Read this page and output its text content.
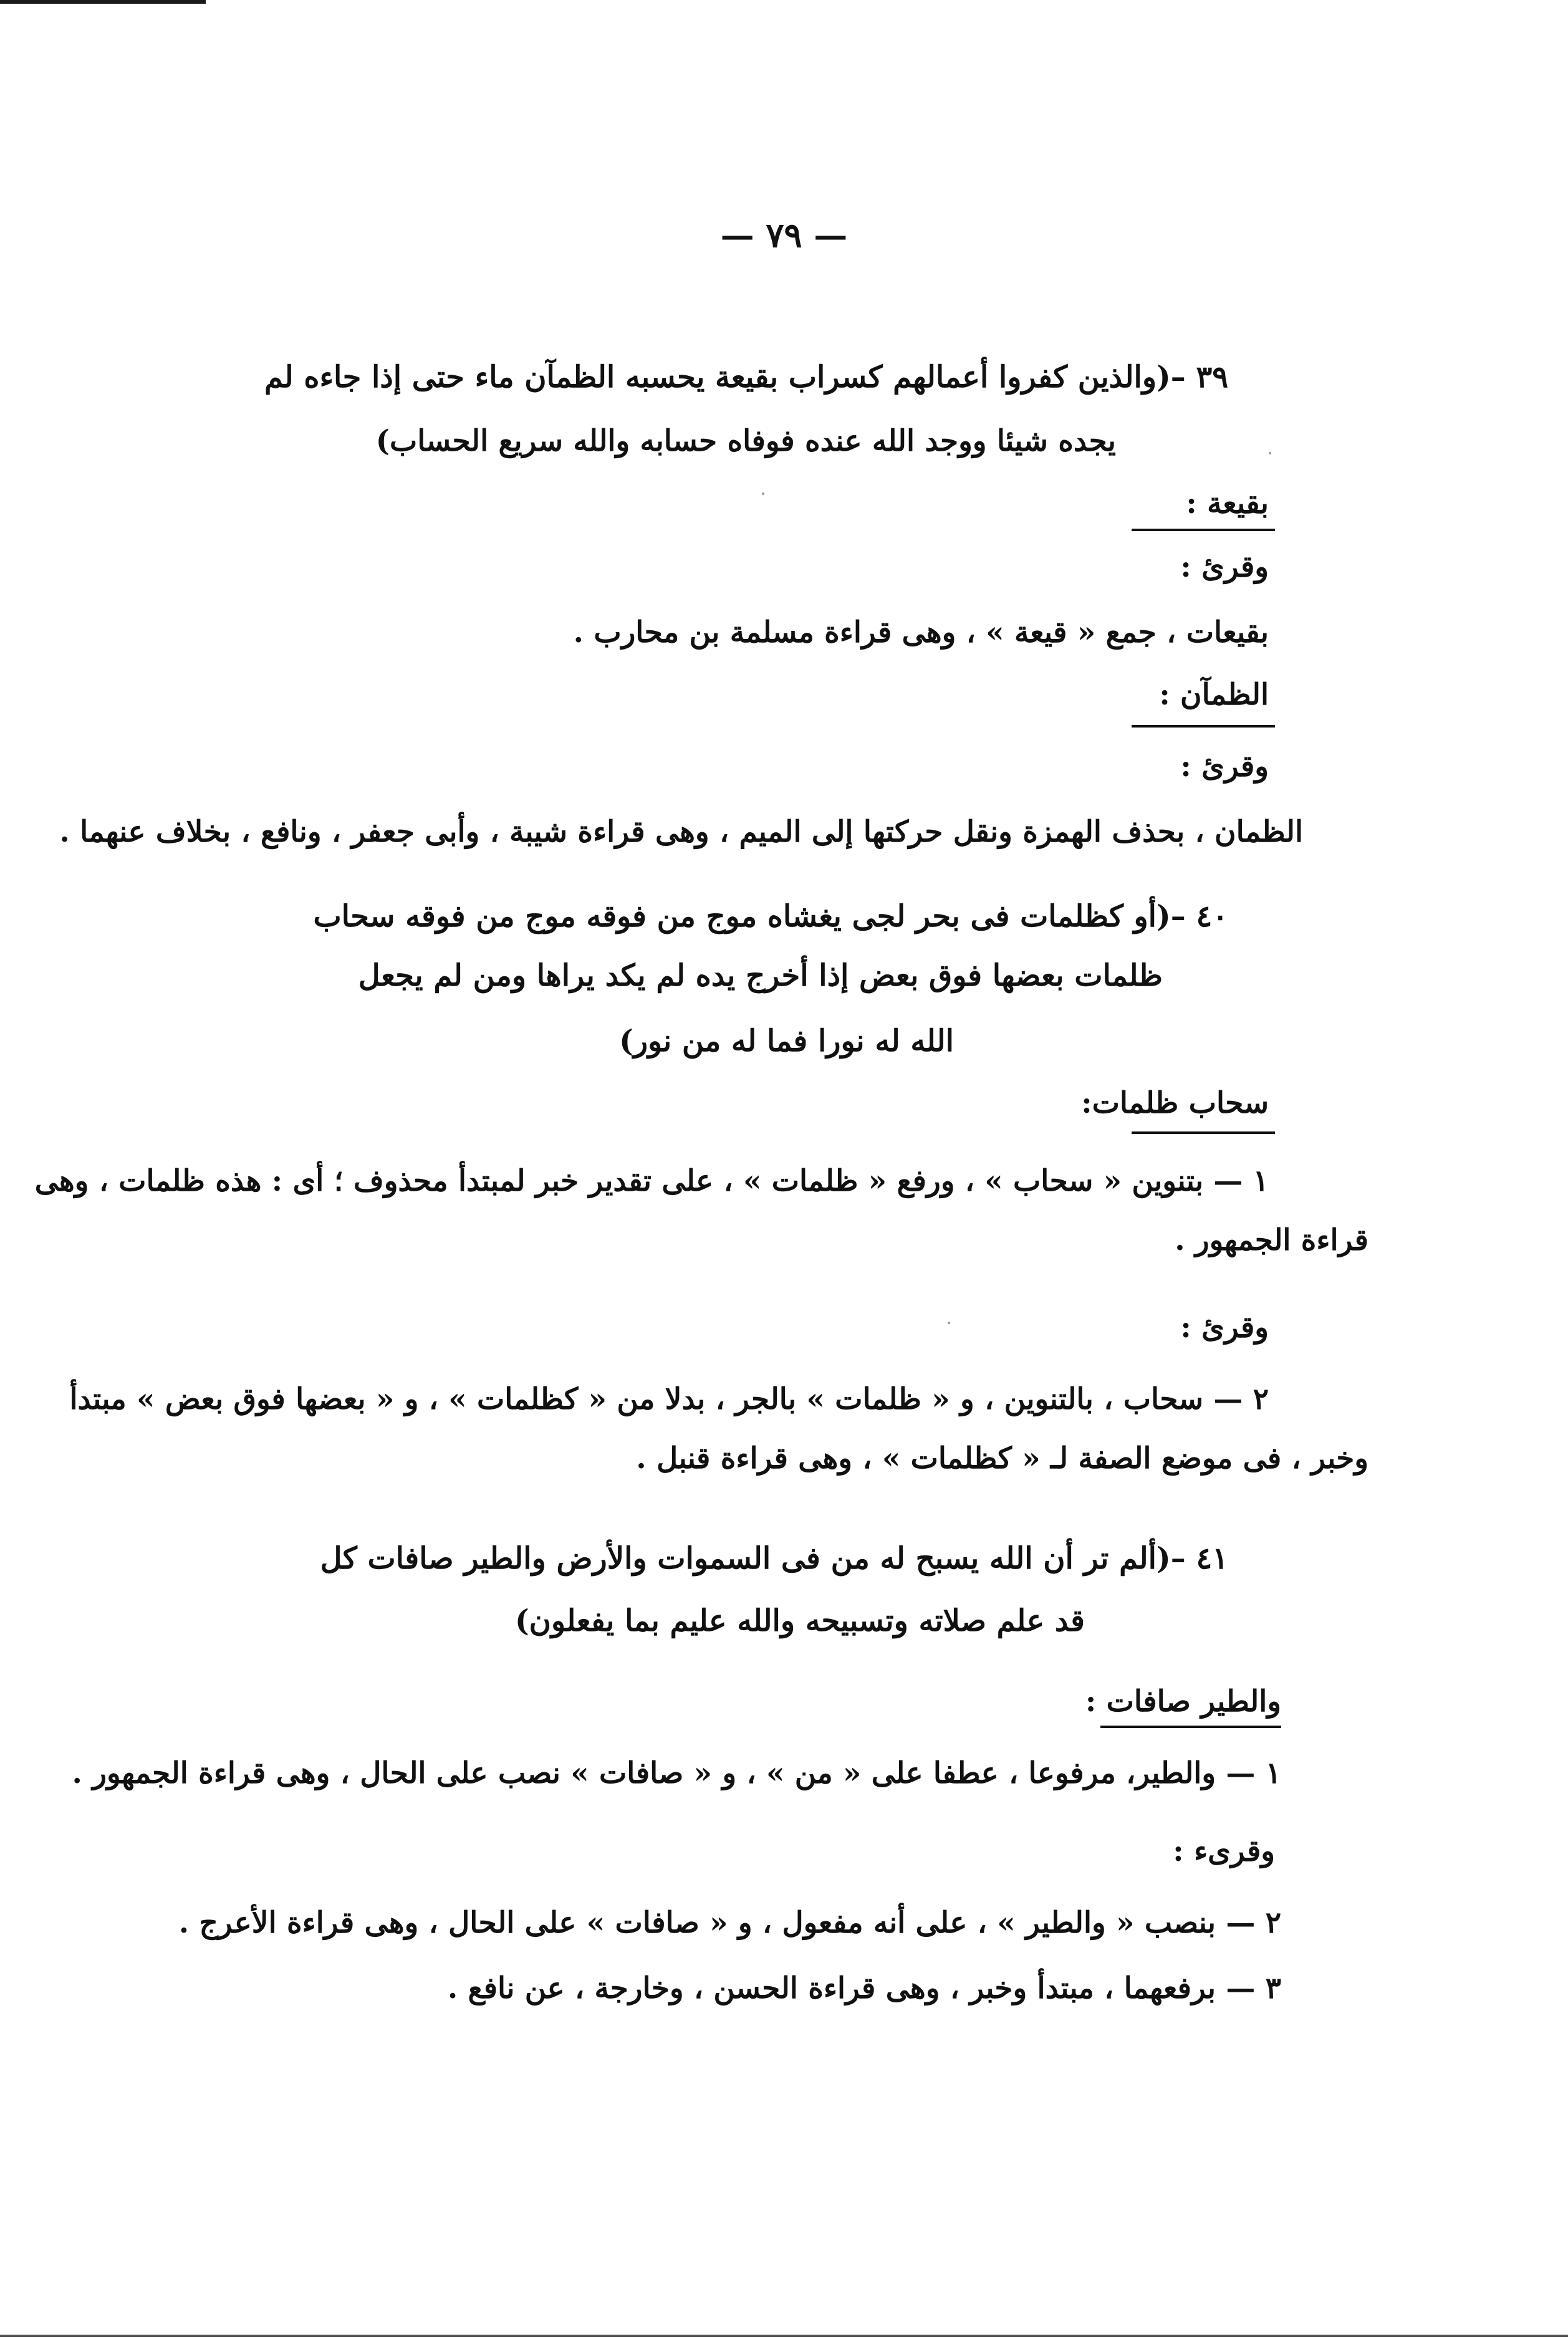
— ٧٩ —

٣٩ –(والذين كفروا أعمالهم كسراب بقيعة يحسبه الظمآن ماء حتى إذا جاءه لم

يجده شيئا ووجد الله عنده فوفاه حسابه والله سريع الحساب)

بقيعة :

وقرئ :

بقيعات ، جمع « قيعة » ، وهى قراءة مسلمة بن محارب .

الظمآن :

وقرئ :

الظمان ، بحذف الهمزة ونقل حركتها إلى الميم ، وهى قراءة شيبة ، وأبى جعفر ، ونافع ، بخلاف عنهما .

٤٠ –(أو كظلمات فى بحر لجى يغشاه موج من فوقه موج من فوقه سحاب

ظلمات بعضها فوق بعض إذا أخرج يده لم يكد يراها ومن لم يجعل

الله له نورا فما له من نور)

سحاب ظلمات:

١ — بتنوين « سحاب » ، ورفع « ظلمات » ، على تقدير خبر لمبتدأ محذوف ؛ أى : هذه ظلمات ، وهى

قراءة الجمهور .

وقرئ :

٢ — سحاب ، بالتنوين ، و « ظلمات » بالجر ، بدلا من « كظلمات » ، و « بعضها فوق بعض » مبتدأ

وخبر ، فى موضع الصفة لـ « كظلمات » ، وهى قراءة قنبل .

٤١ –(ألم تر أن الله يسبح له من فى السموات والأرض والطير صافات كل

قد علم صلاته وتسبيحه والله عليم بما يفعلون)

والطير صافات :

١ — والطير، مرفوعا ، عطفا على « من » ، و « صافات » نصب على الحال ، وهى قراءة الجمهور .

وقرىء :

٢ — بنصب « والطير » ، على أنه مفعول ، و « صافات » على الحال ، وهى قراءة الأعرج .

٣ — برفعهما ، مبتدأ وخبر ، وهى قراءة الحسن ، وخارجة ، عن نافع .
